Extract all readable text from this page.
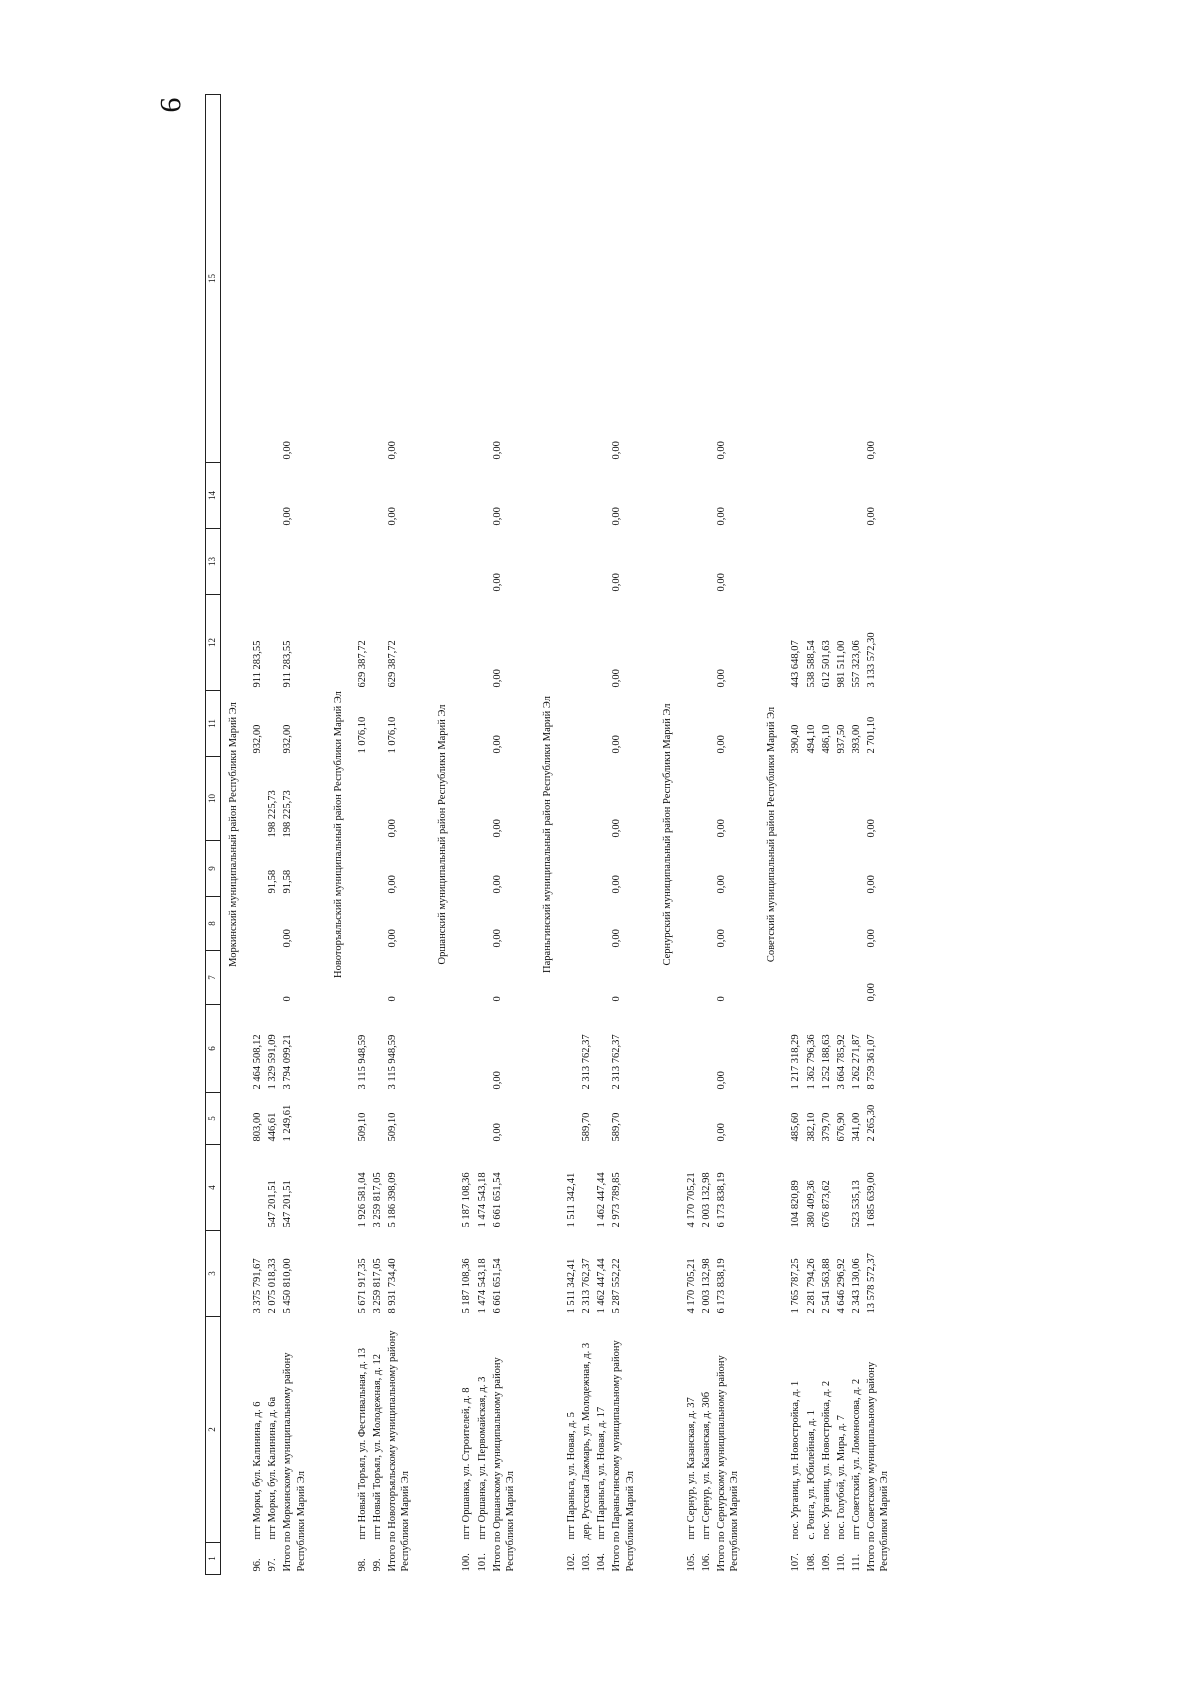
9
1	2	3	4	5	6	7	8	9	10	11	12	13	14	15
Моркинский муниципальный район Республики Марий Эл														
96.	пгт Морки, бул. Калинина, д. 6	3 375 791,67		803,00	2 464 508,12					932,00	911 283,55			
97.	пгт Морки, бул. Калинина, д. 6а	2 075 018,33	547 201,51	446,61	1 329 591,09			91,58	198 225,73					
Итого по Моркинскому муниципальному району Республики Марий Эл		5 450 810,00	547 201,51	1 249,61	3 794 099,21	0	0,00	91,58	198 225,73	932,00	911 283,55		0,00	0,00

Новоторъяльский муниципальный район Республики Марий Эл														
98.	пгт Новый Торъял, ул. Фестивальная, д. 13	5 671 917,35	1 926 581,04	509,10	3 115 948,59					1 076,10	629 387,72			
99.	пгт Новый Торъял, ул. Молодежная, д. 12	3 259 817,05	3 259 817,05											
Итого по Новоторъяльскому муниципальному району Республики Марий Эл		8 931 734,40	5 186 398,09	509,10	3 115 948,59	0	0,00	0,00	0,00	1 076,10	629 387,72		0,00	0,00

Оршанский муниципальный район Республики Марий Эл														
100.	пгт Оршанка, ул. Строителей, д. 8	5 187 108,36	5 187 108,36											
101.	пгт Оршанка, ул. Первомайская, д. 3	1 474 543,18	1 474 543,18											
Итого по Оршанскому муниципальному району Республики Марий Эл		6 661 651,54	6 661 651,54	0,00	0,00	0	0,00	0,00	0,00	0,00	0,00	0,00	0,00	0,00

Параньгинский муниципальный район Республики Марий Эл														
102.	пгт Параньга, ул. Новая, д. 5	1 511 342,41	1 511 342,41											
103.	дер. Русская Лажмарь, ул. Молодежная, д. 3	2 313 762,37		589,70	2 313 762,37									
104.	пгт Параньга, ул. Новая, д. 17	1 462 447,44	1 462 447,44											
Итого по Параньгинскому муниципальному району Республики Марий Эл		5 287 552,22	2 973 789,85	589,70	2 313 762,37	0	0,00	0,00	0,00	0,00	0,00	0,00	0,00	0,00

Сернурский муниципальный район Республики Марий Эл														
105.	пгт Сернур, ул. Казанская, д. 37	4 170 705,21	4 170 705,21											
106.	пгт Сернур, ул. Казанская, д. 30б	2 003 132,98	2 003 132,98											
Итого по Сернурскому муниципальному району Республики Марий Эл		6 173 838,19	6 173 838,19	0,00	0,00	0	0,00	0,00	0,00	0,00	0,00	0,00	0,00	0,00

Советский муниципальный район Республики Марий Эл														
107.	пос. Урганиц, ул. Новостройка, д. 1	1 765 787,25	104 820,89	485,60	1 217 318,29					390,40	443 648,07			
108.	с. Ронга, ул. Юбилейная, д. 1	2 281 794,26	380 409,36	382,10	1 362 796,36					494,10	538 588,54			
109.	пос. Урганиц, ул. Новостройка, д. 2	2 541 563,88	676 873,62	379,70	1 252 188,63					486,10	612 501,63			
110.	пос. Голубой, ул. Мира, д. 7	4 646 296,92		676,90	3 664 785,92					937,50	981 511,00			
111.	пгт Советский, ул. Ломоносова, д. 2	2 343 130,06	523 535,13	341,00	1 262 271,87					393,00	557 323,06			
Итого по Советскому муниципальному району Республики Марий Эл		13 578 572,37	1 685 639,00	2 265,30	8 759 361,07	0,00	0,00	0,00	0,00	2 701,10	3 133 572,30		0,00	0,00
